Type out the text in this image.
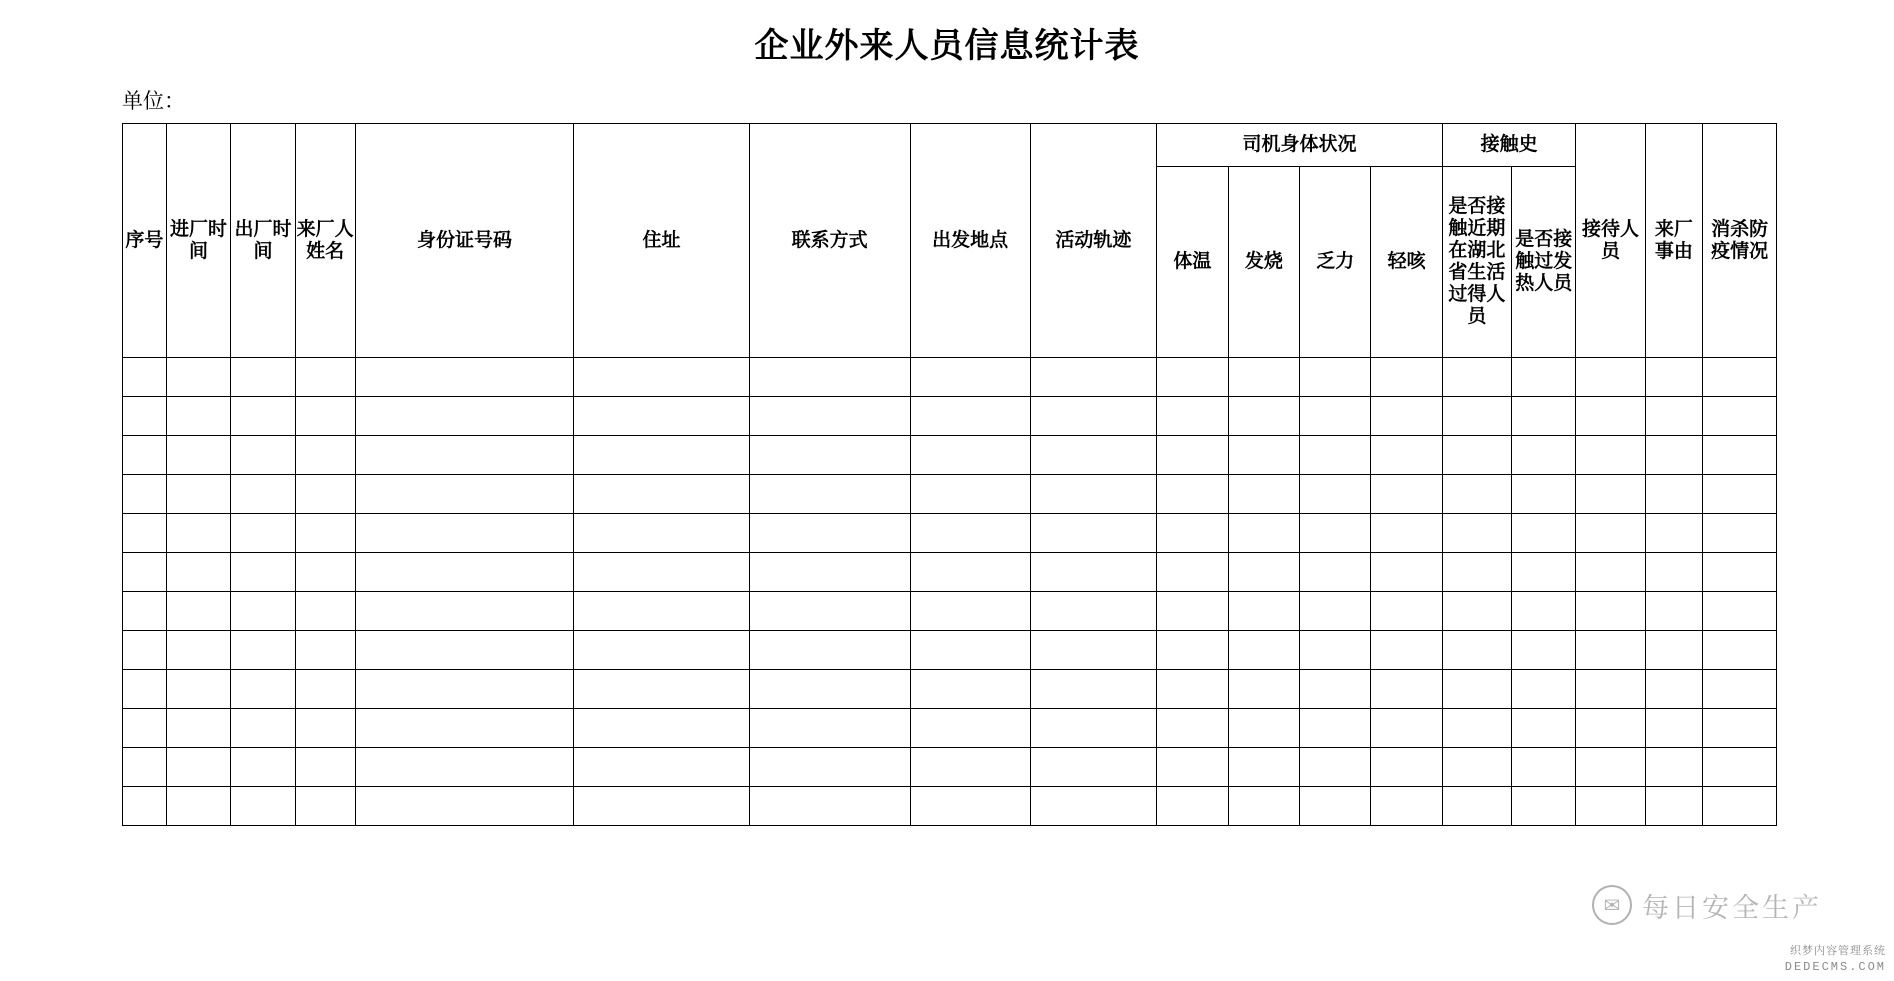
企业外来人员信息统计表
单位：
序号	进厂时间	出厂时间	来厂人姓名	身份证号码	住址	联系方式	出发地点	活动轨迹	司机身体状况				接触史		接待人员	来厂事由	消杀防疫情况
									体温	发烧	乏力	轻咳	是否接触近期在湖北省生活过得人员	是否接触过发热人员			

✉ 每日安全生产
织梦内容管理系统
DEDECMS.COM
